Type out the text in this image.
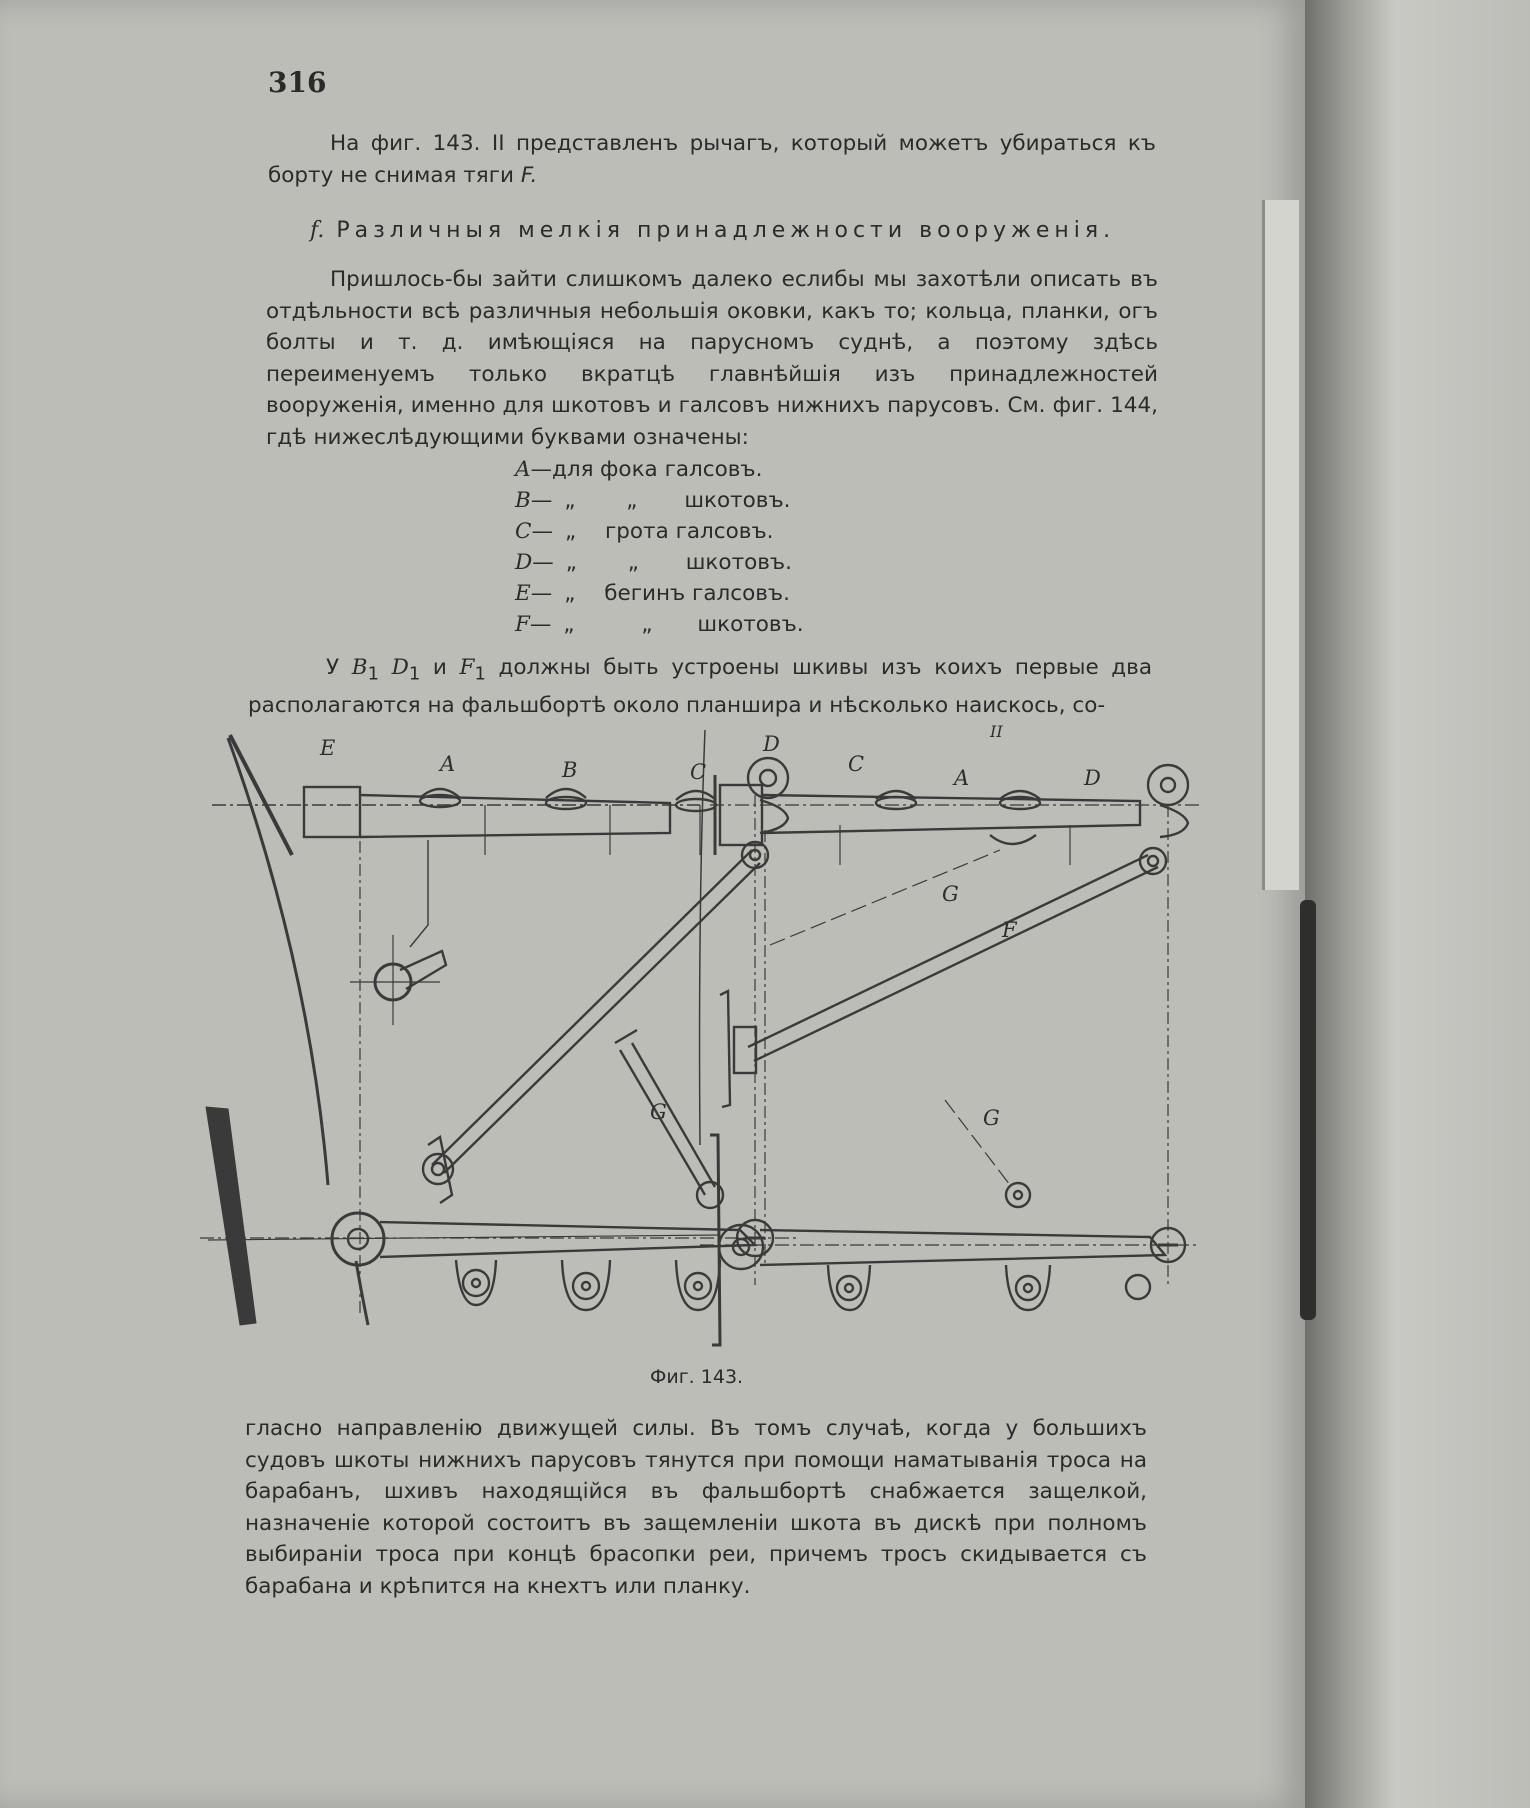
316
На фиг. 143. II представленъ рычагъ, который можетъ убираться къ борту не снимая тяги F.
f. Различныя мелкія принадлежности вооруженія.
Пришлось-бы зайти слишкомъ далеко еслибы мы захотѣли описать въ отдѣльности всѣ различныя небольшія оковки, какъ то; кольца, планки, огъ болты и т. д. имѣющіяся на парусномъ суднѣ, а поэтому здѣсь переименуемъ только вкратцѣ главнѣйшія изъ принадлежностей вооруженія, именно для шкотовъ и галсовъ нижнихъ парусовъ. См. фиг. 144, гдѣ нижеслѣдующими буквами означены:
A—для фока галсовъ.
B— „ „ шкотовъ.
C— „ грота галсовъ.
D— „ „ шкотовъ.
E— „ бегинъ галсовъ.
F— „ „ шкотовъ.
У $B_1$ $D_1$ и $F_1$ должны быть устроены шкивы изъ коихъ первые два располагаются на фальшбортѣ около планшира и нѣсколько наискось, со-
E
A	B	C
D
G
II
C
A	D
G
F
G
Фиг. 143.
гласно направленію движущей силы. Въ томъ случаѣ, когда у большихъ судовъ шкоты нижнихъ парусовъ тянутся при помощи наматыванія троса на барабанъ, шхивъ находящійся въ фальшбортѣ снабжается защелкой, назначеніе которой состоитъ въ защемленіи шкота въ дискѣ при полномъ выбираніи троса при концѣ брасопки реи, причемъ тросъ скидывается съ барабана и крѣпится на кнехтъ или планку.
